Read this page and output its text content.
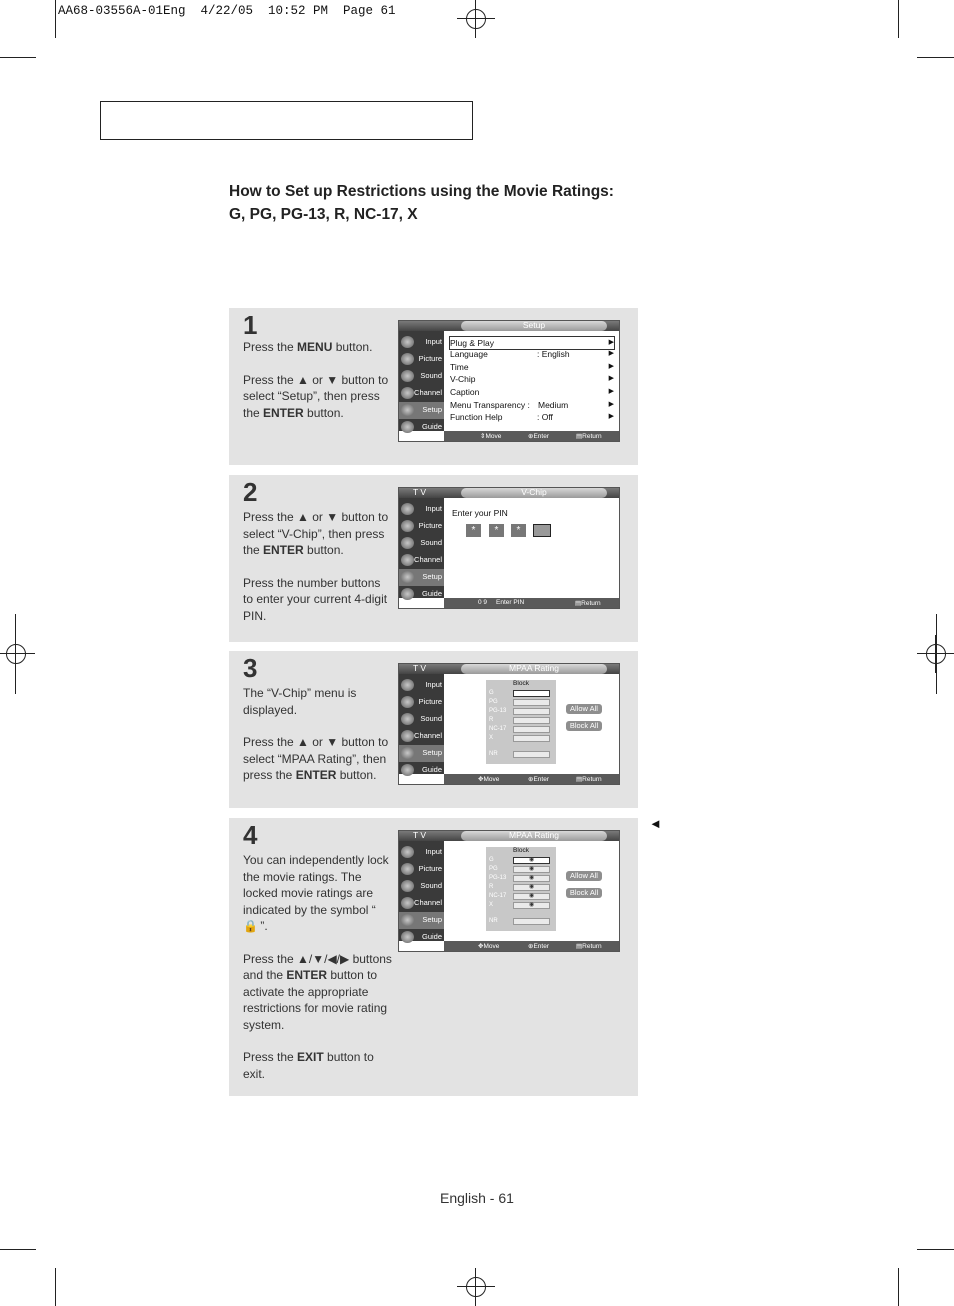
AA68-03556A-01Eng  4/22/05  10:52 PM  Page 61
How to Set up Restrictions using the Movie Ratings:
G, PG, PG-13, R, NC-17, X
1

Press the MENU button.

Press the ▲ or ▼ button to select “Setup”, then press the ENTER button.

Setup
Input
Picture
Sound
Channel
Setup
Guide
Plug & Play	▶
Language	: English	▶
Time	▶
V-Chip	▶
Caption	▶
Menu Transparency : Medium	▶
Function Help	: Off	▶
⇕ Move	⊕ Enter	▤ Return
2

Press the ▲ or ▼ button to select “V-Chip”, then press the ENTER button.

Press the number buttons to enter your current 4-digit PIN.

T V	V-Chip
Input
Picture
Sound
Channel
Setup
Guide
Enter your PIN
*	*	*
0 9 Enter PIN	▤ Return
3

The “V-Chip” menu is displayed.

Press the ▲ or ▼ button to select “MPAA Rating”, then press the ENTER button.

T V	MPAA Rating
Input
Picture
Sound
Channel
Setup
Guide
Block
G
PG
PG-13
R
NC-17
X
NR
Allow All
Block All
✥ Move	⊕ Enter	▤ Return
4

You can independently lock the movie ratings. The locked movie ratings are indicated by the symbol “  🔒 ”.

Press the ▲/▼/◀/▶ buttons and the ENTER button to activate the appropriate restrictions for movie rating system.

Press the EXIT button to exit.

T V	MPAA Rating
Input
Picture
Sound
Channel
Setup
Guide
Block
G	◉
PG	◉
PG-13	◉
R	◉
NC-17	◉
X	◉
NR
Allow All
Block All
✥ Move	⊕ Enter	▤ Return
◄
English - 61
